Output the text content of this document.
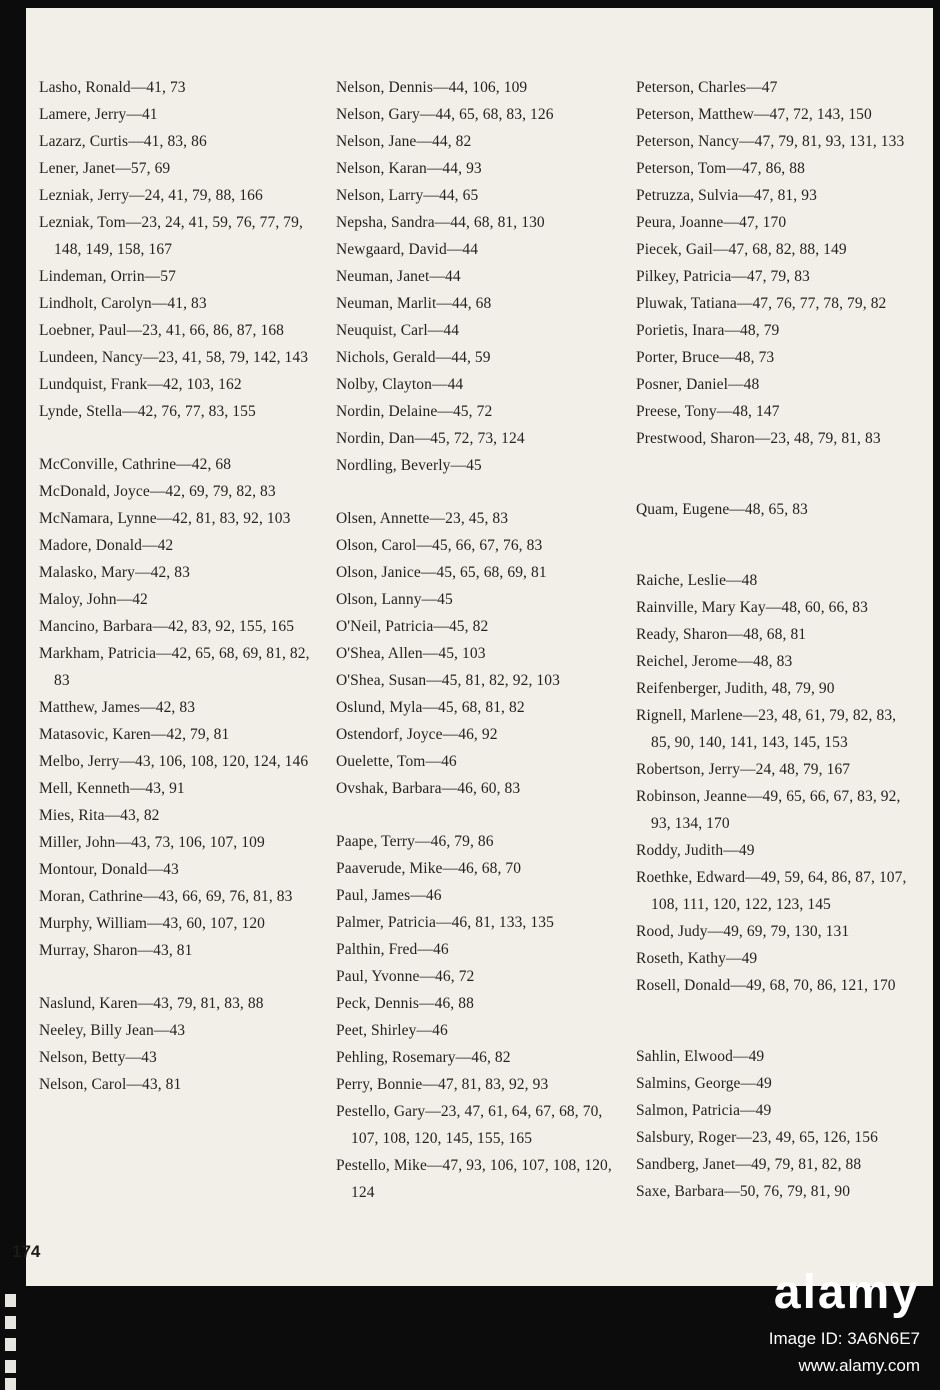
Lasho, Ronald—41, 73
Lamere, Jerry—41
Lazarz, Curtis—41, 83, 86
Lener, Janet—57, 69
Lezniak, Jerry—24, 41, 79, 88, 166
Lezniak, Tom—23, 24, 41, 59, 76, 77, 79, 148, 149, 158, 167
Lindeman, Orrin—57
Lindholt, Carolyn—41, 83
Loebner, Paul—23, 41, 66, 86, 87, 168
Lundeen, Nancy—23, 41, 58, 79, 142, 143
Lundquist, Frank—42, 103, 162
Lynde, Stella—42, 76, 77, 83, 155
McConville, Cathrine—42, 68
McDonald, Joyce—42, 69, 79, 82, 83
McNamara, Lynne—42, 81, 83, 92, 103
Madore, Donald—42
Malasko, Mary—42, 83
Maloy, John—42
Mancino, Barbara—42, 83, 92, 155, 165
Markham, Patricia—42, 65, 68, 69, 81, 82, 83
Matthew, James—42, 83
Matasovic, Karen—42, 79, 81
Melbo, Jerry—43, 106, 108, 120, 124, 146
Mell, Kenneth—43, 91
Mies, Rita—43, 82
Miller, John—43, 73, 106, 107, 109
Montour, Donald—43
Moran, Cathrine—43, 66, 69, 76, 81, 83
Murphy, William—43, 60, 107, 120
Murray, Sharon—43, 81
Naslund, Karen—43, 79, 81, 83, 88
Neeley, Billy Jean—43
Nelson, Betty—43
Nelson, Carol—43, 81
Nelson, Dennis—44, 106, 109
Nelson, Gary—44, 65, 68, 83, 126
Nelson, Jane—44, 82
Nelson, Karan—44, 93
Nelson, Larry—44, 65
Nepsha, Sandra—44, 68, 81, 130
Newgaard, David—44
Neuman, Janet—44
Neuman, Marlit—44, 68
Neuquist, Carl—44
Nichols, Gerald—44, 59
Nolby, Clayton—44
Nordin, Delaine—45, 72
Nordin, Dan—45, 72, 73, 124
Nordling, Beverly—45
Olsen, Annette—23, 45, 83
Olson, Carol—45, 66, 67, 76, 83
Olson, Janice—45, 65, 68, 69, 81
Olson, Lanny—45
O'Neil, Patricia—45, 82
O'Shea, Allen—45, 103
O'Shea, Susan—45, 81, 82, 92, 103
Oslund, Myla—45, 68, 81, 82
Ostendorf, Joyce—46, 92
Ouelette, Tom—46
Ovshak, Barbara—46, 60, 83
Paape, Terry—46, 79, 86
Paaverude, Mike—46, 68, 70
Paul, James—46
Palmer, Patricia—46, 81, 133, 135
Palthin, Fred—46
Paul, Yvonne—46, 72
Peck, Dennis—46, 88
Peet, Shirley—46
Pehling, Rosemary—46, 82
Perry, Bonnie—47, 81, 83, 92, 93
Pestello, Gary—23, 47, 61, 64, 67, 68, 70, 107, 108, 120, 145, 155, 165
Pestello, Mike—47, 93, 106, 107, 108, 120, 124
Peterson, Charles—47
Peterson, Matthew—47, 72, 143, 150
Peterson, Nancy—47, 79, 81, 93, 131, 133
Peterson, Tom—47, 86, 88
Petruzza, Sulvia—47, 81, 93
Peura, Joanne—47, 170
Piecek, Gail—47, 68, 82, 88, 149
Pilkey, Patricia—47, 79, 83
Pluwak, Tatiana—47, 76, 77, 78, 79, 82
Porietis, Inara—48, 79
Porter, Bruce—48, 73
Posner, Daniel—48
Preese, Tony—48, 147
Prestwood, Sharon—23, 48, 79, 81, 83
Quam, Eugene—48, 65, 83
Raiche, Leslie—48
Rainville, Mary Kay—48, 60, 66, 83
Ready, Sharon—48, 68, 81
Reichel, Jerome—48, 83
Reifenberger, Judith, 48, 79, 90
Rignell, Marlene—23, 48, 61, 79, 82, 83, 85, 90, 140, 141, 143, 145, 153
Robertson, Jerry—24, 48, 79, 167
Robinson, Jeanne—49, 65, 66, 67, 83, 92, 93, 134, 170
Roddy, Judith—49
Roethke, Edward—49, 59, 64, 86, 87, 107, 108, 111, 120, 122, 123, 145
Rood, Judy—49, 69, 79, 130, 131
Roseth, Kathy—49
Rosell, Donald—49, 68, 70, 86, 121, 170
Sahlin, Elwood—49
Salmins, George—49
Salmon, Patricia—49
Salsbury, Roger—23, 49, 65, 126, 156
Sandberg, Janet—49, 79, 81, 82, 88
Saxe, Barbara—50, 76, 79, 81, 90
174
alamy
Image ID: 3A6N6E7
www.alamy.com
